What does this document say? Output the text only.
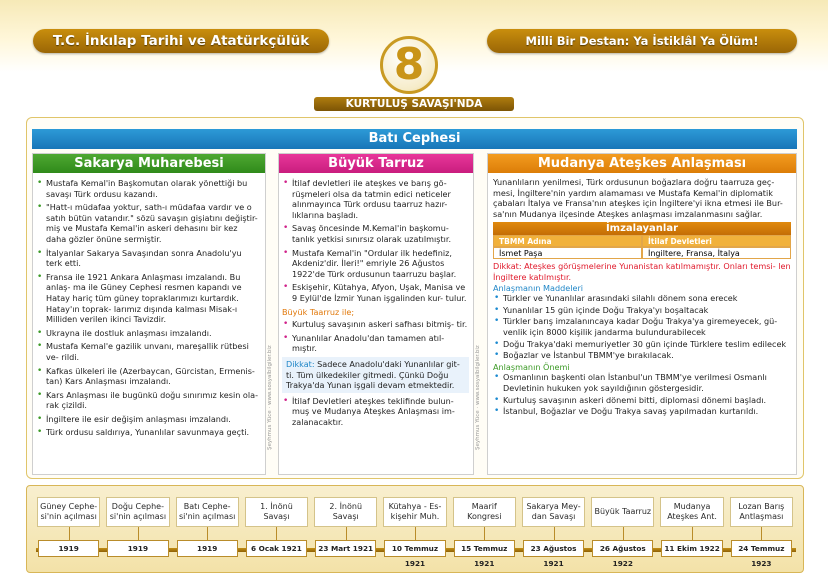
T.C. İnkılap Tarihi ve Atatürkçülük	Milli Bir Destan: Ya İstiklâl Ya Ölüm!
8
KURTULUŞ SAVAŞI'NDA
Batı Cephesi
Sakarya Muharebesi
• Mustafa Kemal'in Başkomutan olarak yönettiği bu savaşı Türk ordusu kazandı.
• "Hatt-ı müdafaa yoktur, sath-ı müdafaa vardır ve o satıh bütün vatandır." sözü savaşın gişiatını değiştir- miş ve Mustafa Kemal'in askeri dehasını bir kez daha gözler önüne sermiştir.
• İtalyanlar Sakarya Savaşından sonra Anadolu'yu terk etti.
• Fransa ile 1921 Ankara Anlaşması imzalandı. Bu anlaş- ma ile Güney Cephesi resmen kapandı ve Hatay hariç tüm güney topraklarımızı kurtardık. Hatay'ın toprak- larımız dışında kalması Misak-ı Milliden verilen ikinci Tavizdir.
• Ukrayna ile dostluk anlaşması imzalandı.
• Mustafa Kemal'e gazilik unvanı, mareşallik rütbesi ve- rildi.
• Kafkas ülkeleri ile (Azerbaycan, Gürcistan, Ermenis- tan) Kars Anlaşması imzalandı.
• Kars Anlaşması ile bugünkü doğu sınırımız kesin ola- rak çizildi.
• İngiltere ile esir değişim anlaşması imzalandı.
• Türk ordusu saldırıya, Yunanlılar savunmaya geçti.	Şeyhmus Yüce · www.sosyalbilgiler.biz
Büyük Tarruz
• İtilaf devletleri ile ateşkes ve barış gö- rüşmeleri olsa da tatmin edici neticeler alınmayınca Türk ordusu taarruz hazır- lıklarına başladı.
• Savaş öncesinde M.Kemal'in başkomu- tanlık yetkisi sınırsız olarak uzatılmıştır.
• Mustafa Kemal'in "Ordular ilk hedefiniz, Akdeniz'dir. İleri!" emriyle 26 Ağustos 1922'de Türk ordusunun taarruzu başlar.
• Eskişehir, Kütahya, Afyon, Uşak, Manisa ve 9 Eylül'de İzmir Yunan işgalinden kur- tulur.
Büyük Taarruz ile;
• Kurtuluş savaşının askeri safhası bitmiş- tir.
• Yunanlılar Anadolu'dan tamamen atıl- mıştır.
Dikkat: Sadece Anadolu'daki Yunanlılar git- ti. Tüm ülkedekiler gitmedi. Çünkü Doğu Trakya'da Yunan işgali devam etmektedir.
• İtilaf Devletleri ateşkes teklifinde bulun- muş ve Mudanya Ateşkes Anlaşması im- zalanacaktır.	Şeyhmus Yüce · www.sosyalbilgiler.biz
Mudanya Ateşkes Anlaşması
Yunanlıların yenilmesi, Türk ordusunun boğazlara doğru taarruza geç- mesi, İngiltere'nin yardım alamaması ve Mustafa Kemal'in diplomatik çabaları İtalya ve Fransa'nın ateşkes için İngiltere'yi ikna etmesi ile Bur- sa'nın Mudanya ilçesinde Ateşkes anlaşması imzalanmasını sağlar.
İmzalayanlar
TBMM Adına	İtilaf Devletleri
İsmet Paşa	İngiltere, Fransa, İtalya
Dikkat: Ateşkes görüşmelerine Yunanistan katılmamıştır. Onları temsi- len İngiltere katılmıştır.
Anlaşmanın Maddeleri
• Türkler ve Yunanlılar arasındaki silahlı dönem sona erecek
• Yunanlılar 15 gün içinde Doğu Trakya'yı boşaltacak
• Türkler barış imzalanıncaya kadar Doğu Trakya'ya giremeyecek, gü- venlik için 8000 kişilik jandarma bulundurabilecek
• Doğu Trakya'daki memuriyetler 30 gün içinde Türklere teslim edilecek
• Boğazlar ve İstanbul TBMM'ye bırakılacak.
Anlaşmanın Önemi
• Osmanlının başkenti olan İstanbul'un TBMM'ye verilmesi Osmanlı Devletinin hukuken yok sayıldığının göstergesidir.
• Kurtuluş savaşının askeri dönemi bitti, diplomasi dönemi başladı.
• İstanbul, Boğazlar ve Doğu Trakya savaş yapılmadan kurtarıldı.
Güney Cephe- si'nin açılması
1919
Doğu Cephe- si'nin açılması
1919
Batı Cephe- si'nin açılması
1919
1. İnönü Savaşı
6 Ocak 1921
2. İnönü Savaşı
23 Mart 1921
Kütahya - Es- kişehir Muh.
10 Temmuz 1921
Maarif Kongresi
15 Temmuz 1921
Sakarya Mey- dan Savaşı
23 Ağustos 1921
Büyük Taarruz
26 Ağustos 1922
Mudanya Ateşkes Ant.
11 Ekim 1922
Lozan Barış Antlaşması
24 Temmuz 1923
